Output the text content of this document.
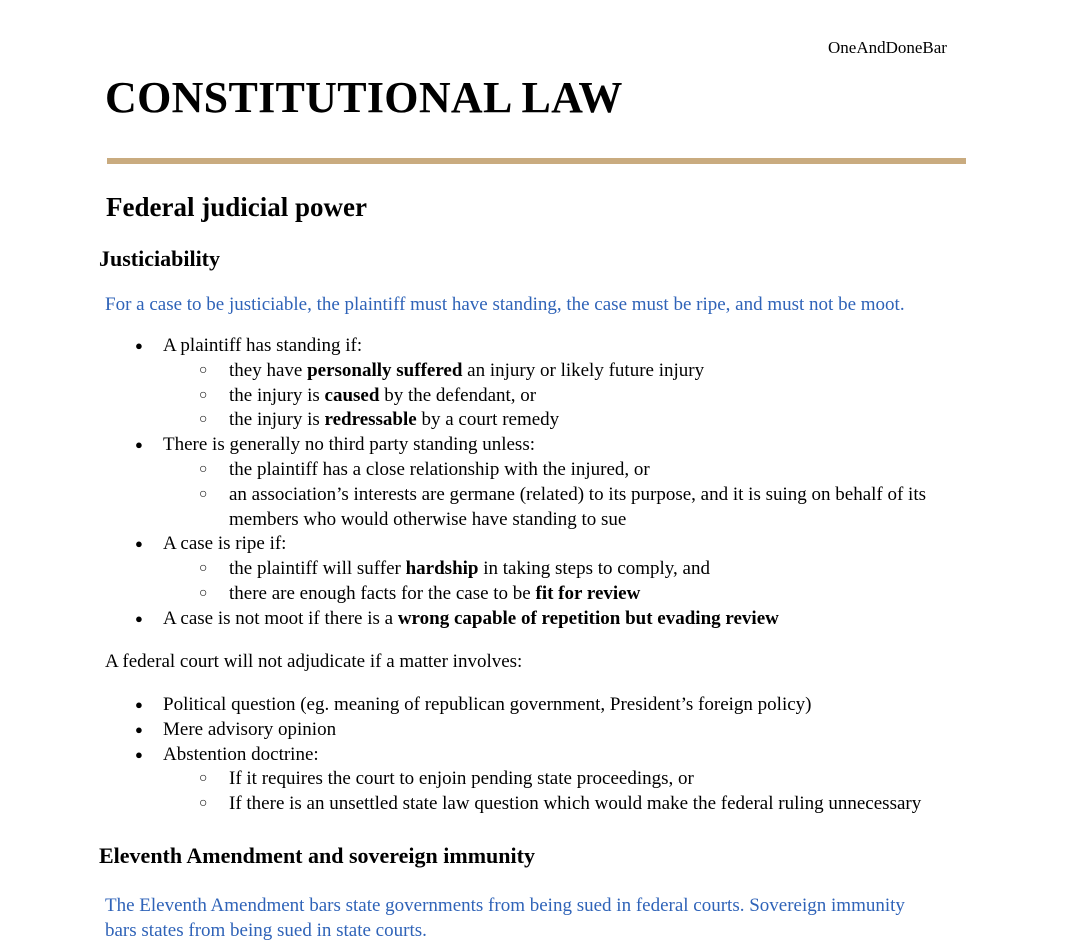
OneAndDoneBar
CONSTITUTIONAL LAW
Federal judicial power
Justiciability
For a case to be justiciable, the plaintiff must have standing, the case must be ripe, and must not be moot.
● A plaintiff has standing if:
○ they have personally suffered an injury or likely future injury
○ the injury is caused by the defendant, or
○ the injury is redressable by a court remedy
● There is generally no third party standing unless:
○ the plaintiff has a close relationship with the injured, or
○ an association’s interests are germane (related) to its purpose, and it is suing on behalf of its
members who would otherwise have standing to sue
● A case is ripe if:
○ the plaintiff will suffer hardship in taking steps to comply, and
○ there are enough facts for the case to be fit for review
● A case is not moot if there is a wrong capable of repetition but evading review
A federal court will not adjudicate if a matter involves:
● Political question (eg. meaning of republican government, President’s foreign policy)
● Mere advisory opinion
● Abstention doctrine:
○ If it requires the court to enjoin pending state proceedings, or
○ If there is an unsettled state law question which would make the federal ruling unnecessary
Eleventh Amendment and sovereign immunity
The Eleventh Amendment bars state governments from being sued in federal courts. Sovereign immunity
bars states from being sued in state courts.
